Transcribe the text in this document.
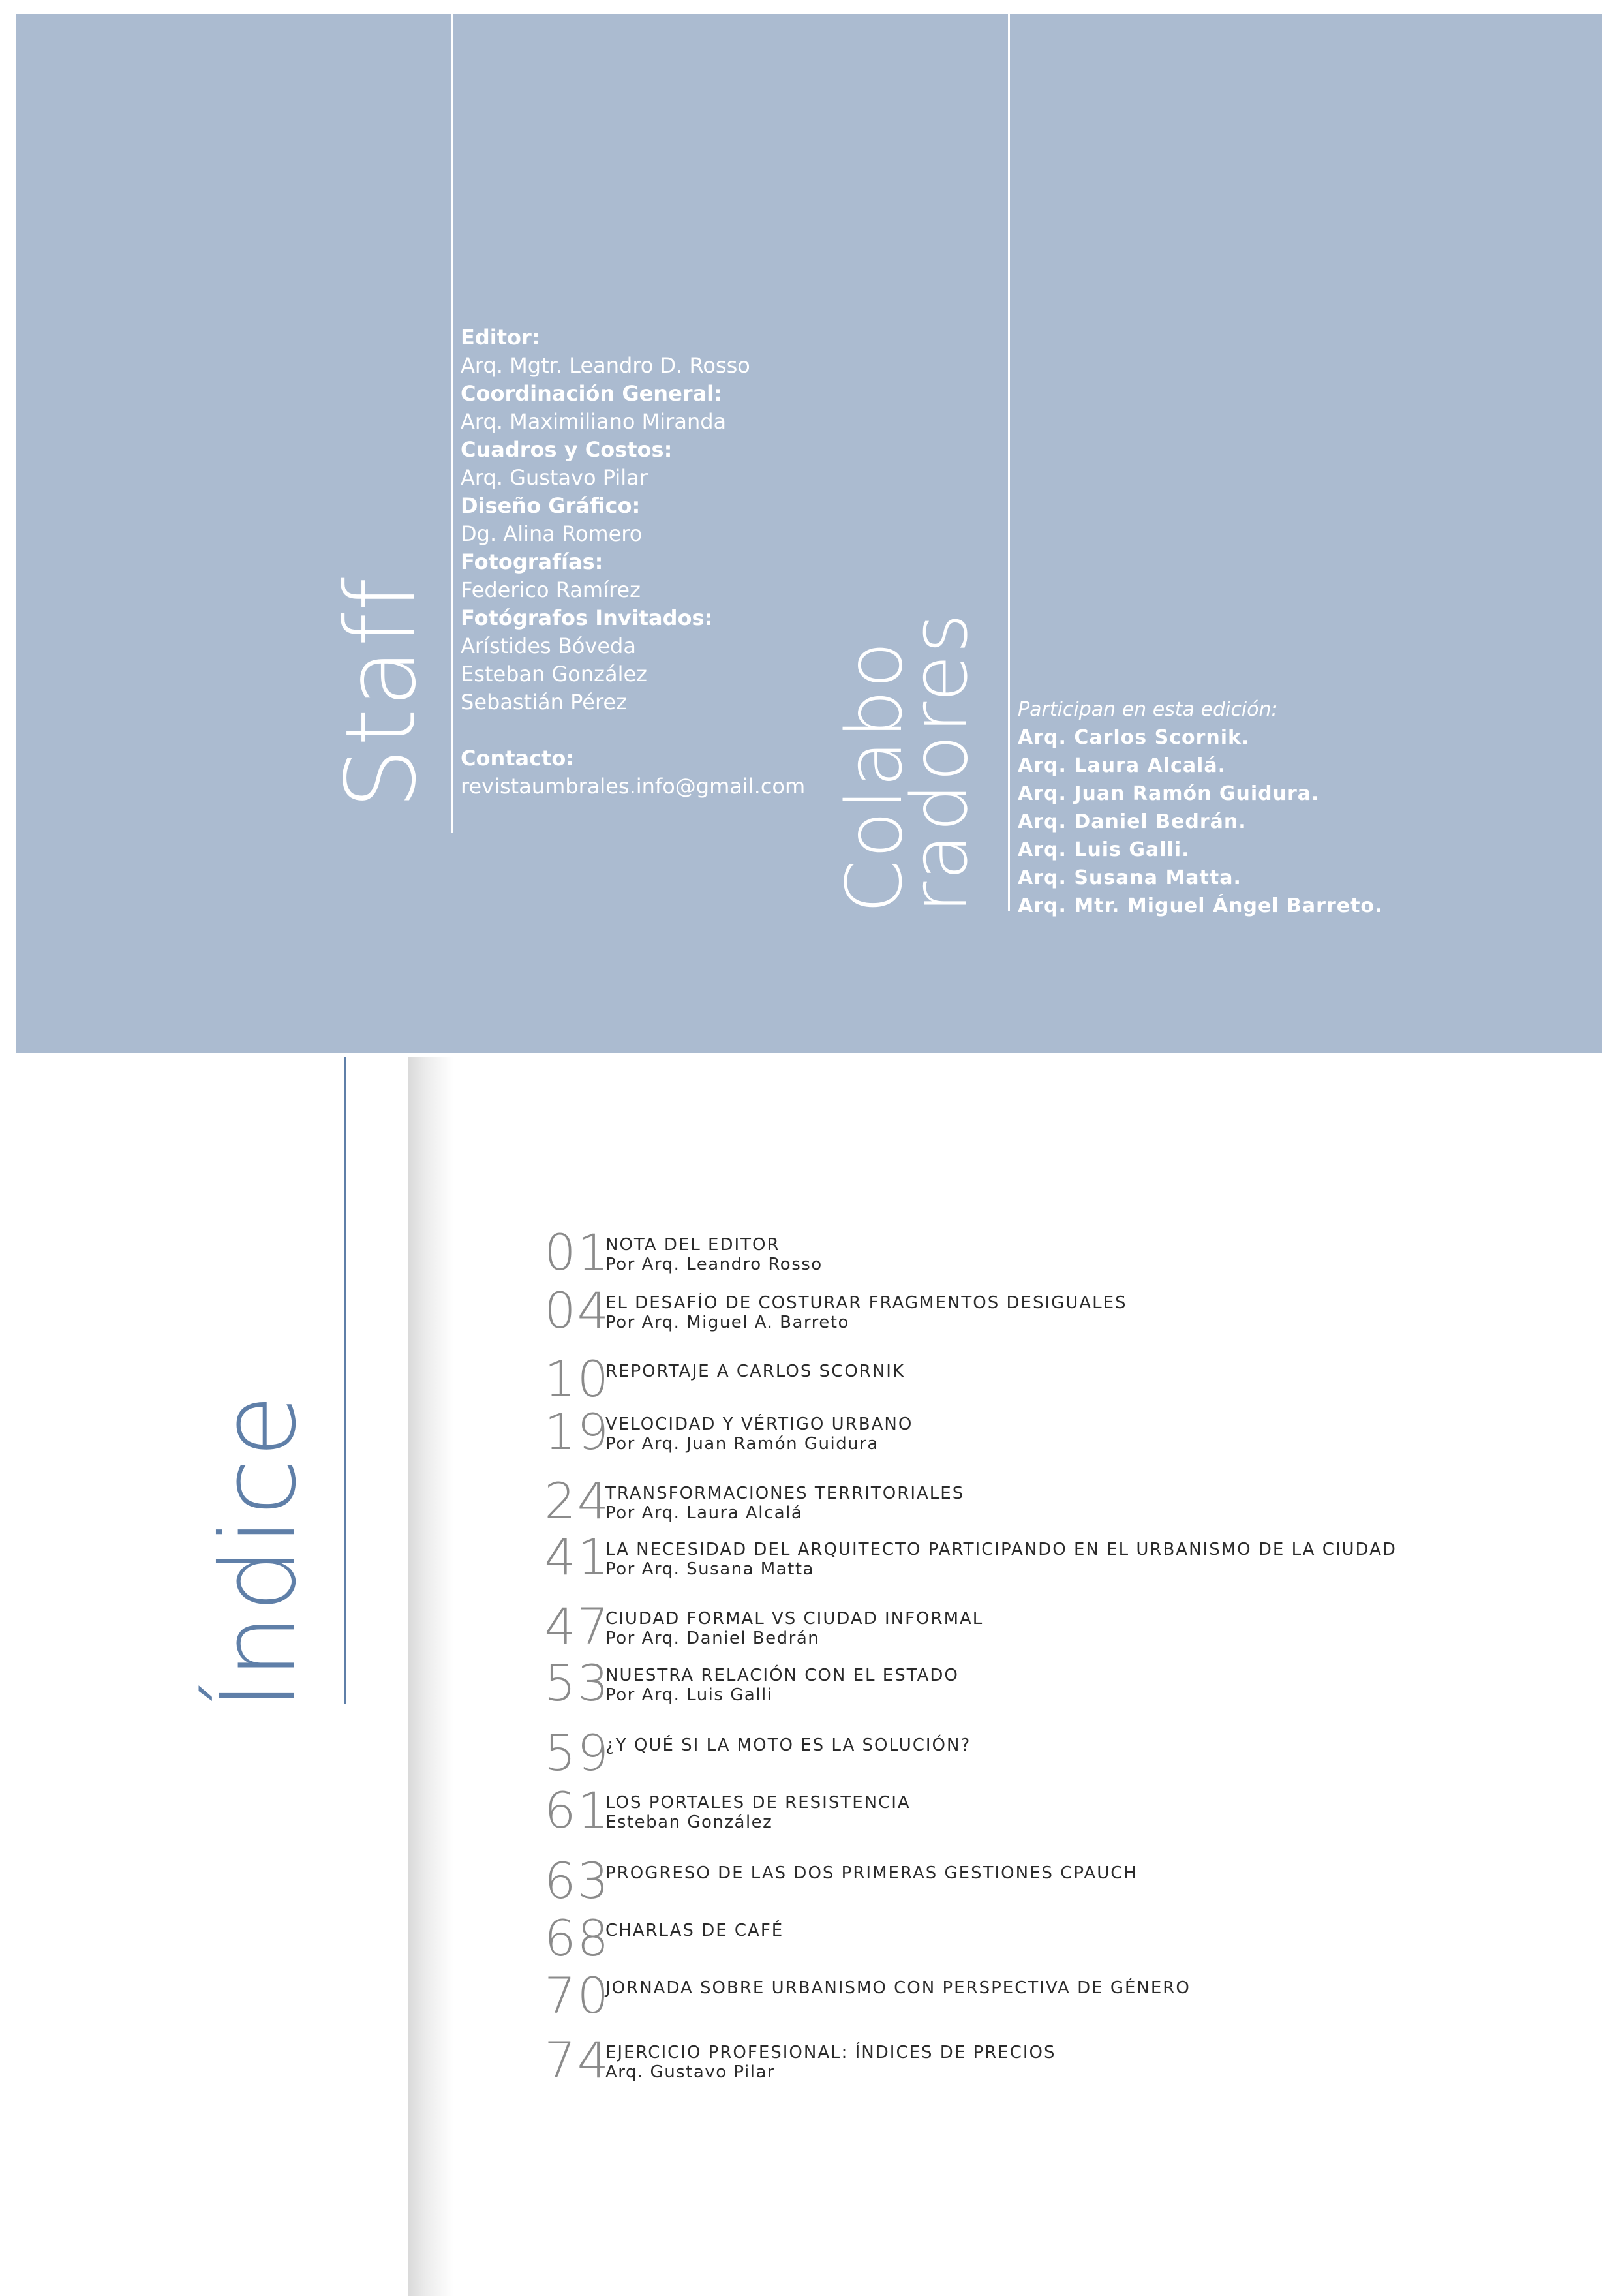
Staff
Editor:
Arq. Mgtr. Leandro D. Rosso
Coordinación General:
Arq. Maximiliano Miranda
Cuadros y Costos:
Arq. Gustavo Pilar
Diseño Gráfico:
Dg. Alina Romero
Fotografías:
Federico Ramírez
Fotógrafos Invitados:
Arístides Bóveda
Esteban González
Sebastián Pérez
Contacto:
revistaumbrales.info@gmail.com Colabo
radores Participan en esta edición:
Arq. Carlos Scornik.
Arq. Laura Alcalá.
Arq. Juan Ramón Guidura.
Arq. Daniel Bedrán.
Arq. Luis Galli.
Arq. Susana Matta.
Arq. Mtr. Miguel Ángel Barreto.
Índice
01
NOTA DEL EDITOR
Por Arq. Leandro Rosso
04
EL DESAFÍO DE COSTURAR FRAGMENTOS DESIGUALES
Por Arq. Miguel A. Barreto
10
REPORTAJE A CARLOS SCORNIK
19
VELOCIDAD Y VÉRTIGO URBANO
Por Arq. Juan Ramón Guidura
24
TRANSFORMACIONES TERRITORIALES
Por Arq. Laura Alcalá
41
LA NECESIDAD DEL ARQUITECTO PARTICIPANDO EN EL URBANISMO DE LA CIUDAD
Por Arq. Susana Matta
47
CIUDAD FORMAL VS CIUDAD INFORMAL
Por Arq. Daniel Bedrán
53
NUESTRA RELACIÓN CON EL ESTADO
Por Arq. Luis Galli
59
¿Y QUÉ SI LA MOTO ES LA SOLUCIÓN?
61
LOS PORTALES DE RESISTENCIA
Esteban González
63
PROGRESO DE LAS DOS PRIMERAS GESTIONES CPAUCH
68
CHARLAS DE CAFÉ
70
JORNADA SOBRE URBANISMO CON PERSPECTIVA DE GÉNERO
74
EJERCICIO PROFESIONAL: ÍNDICES DE PRECIOS
Arq. Gustavo Pilar
